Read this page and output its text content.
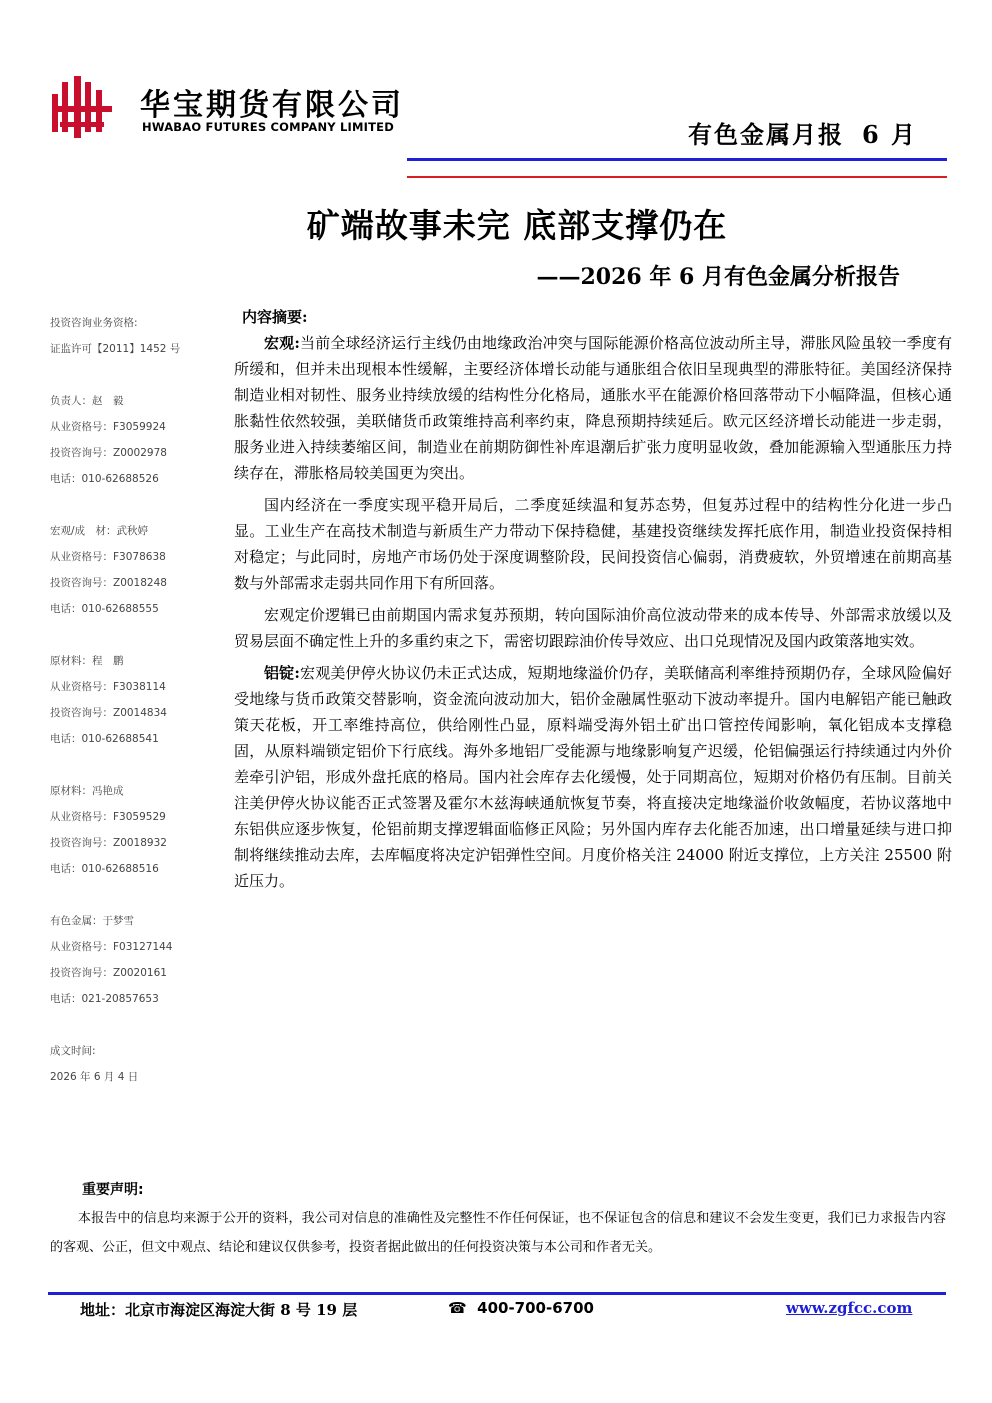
华宝期货有限公司
HWABAO FUTURES COMPANY LIMITED	有色金属月报 6 月
矿端故事未完 底部支撑仍在
——2026 年 6 月有色金属分析报告
投资咨询业务资格:
证监许可【2011】1452 号
负责人：赵　毅
从业资格号：F3059924
投资咨询号：Z0002978
电话：010-62688526
宏观/成　材：武秋婷
从业资格号：F3078638
投资咨询号：Z0018248
电话：010-62688555
原材料：程　鹏
从业资格号：F3038114
投资咨询号：Z0014834
电话：010-62688541
原材料：冯艳成
从业资格号：F3059529
投资咨询号：Z0018932
电话：010-62688516
有色金属：于梦雪
从业资格号：F03127144
投资咨询号：Z0020161
电话：021-20857653
成文时间:
2026 年 6 月 4 日
内容摘要:

宏观:当前全球经济运行主线仍由地缘政治冲突与国际能源价格高位波动所主导，滞胀风险虽较一季度有所缓和，但并未出现根本性缓解，主要经济体增长动能与通胀组合依旧呈现典型的滞胀特征。美国经济保持制造业相对韧性、服务业持续放缓的结构性分化格局，通胀水平在能源价格回落带动下小幅降温，但核心通胀黏性依然较强，美联储货币政策维持高利率约束，降息预期持续延后。欧元区经济增长动能进一步走弱，服务业进入持续萎缩区间，制造业在前期防御性补库退潮后扩张力度明显收敛，叠加能源输入型通胀压力持续存在，滞胀格局较美国更为突出。

国内经济在一季度实现平稳开局后，二季度延续温和复苏态势，但复苏过程中的结构性分化进一步凸显。工业生产在高技术制造与新质生产力带动下保持稳健，基建投资继续发挥托底作用，制造业投资保持相对稳定；与此同时，房地产市场仍处于深度调整阶段，民间投资信心偏弱，消费疲软，外贸增速在前期高基数与外部需求走弱共同作用下有所回落。

宏观定价逻辑已由前期国内需求复苏预期，转向国际油价高位波动带来的成本传导、外部需求放缓以及贸易层面不确定性上升的多重约束之下，需密切跟踪油价传导效应、出口兑现情况及国内政策落地实效。

铝锭:宏观美伊停火协议仍未正式达成，短期地缘溢价仍存，美联储高利率维持预期仍存，全球风险偏好受地缘与货币政策交替影响，资金流向波动加大，铝价金融属性驱动下波动率提升。国内电解铝产能已触政策天花板，开工率维持高位，供给刚性凸显，原料端受海外铝土矿出口管控传闻影响，氧化铝成本支撑稳固，从原料端锁定铝价下行底线。海外多地铝厂受能源与地缘影响复产迟缓，伦铝偏强运行持续通过内外价差牵引沪铝，形成外盘托底的格局。国内社会库存去化缓慢，处于同期高位，短期对价格仍有压制。目前关注美伊停火协议能否正式签署及霍尔木兹海峡通航恢复节奏，将直接决定地缘溢价收敛幅度，若协议落地中东铝供应逐步恢复，伦铝前期支撑逻辑面临修正风险；另外国内库存去化能否加速，出口增量延续与进口抑制将继续推动去库，去库幅度将决定沪铝弹性空间。月度价格关注 24000 附近支撑位，上方关注 25500 附近压力。

重要声明:
本报告中的信息均来源于公开的资料，我公司对信息的准确性及完整性不作任何保证，也不保证包含的信息和建议不会发生变更，我们已力求报告内容的客观、公正，但文中观点、结论和建议仅供参考，投资者据此做出的任何投资决策与本公司和作者无关。
地址：北京市海淀区海淀大街 8 号 19 层	☎ 400-700-6700	www.zgfcc.com
